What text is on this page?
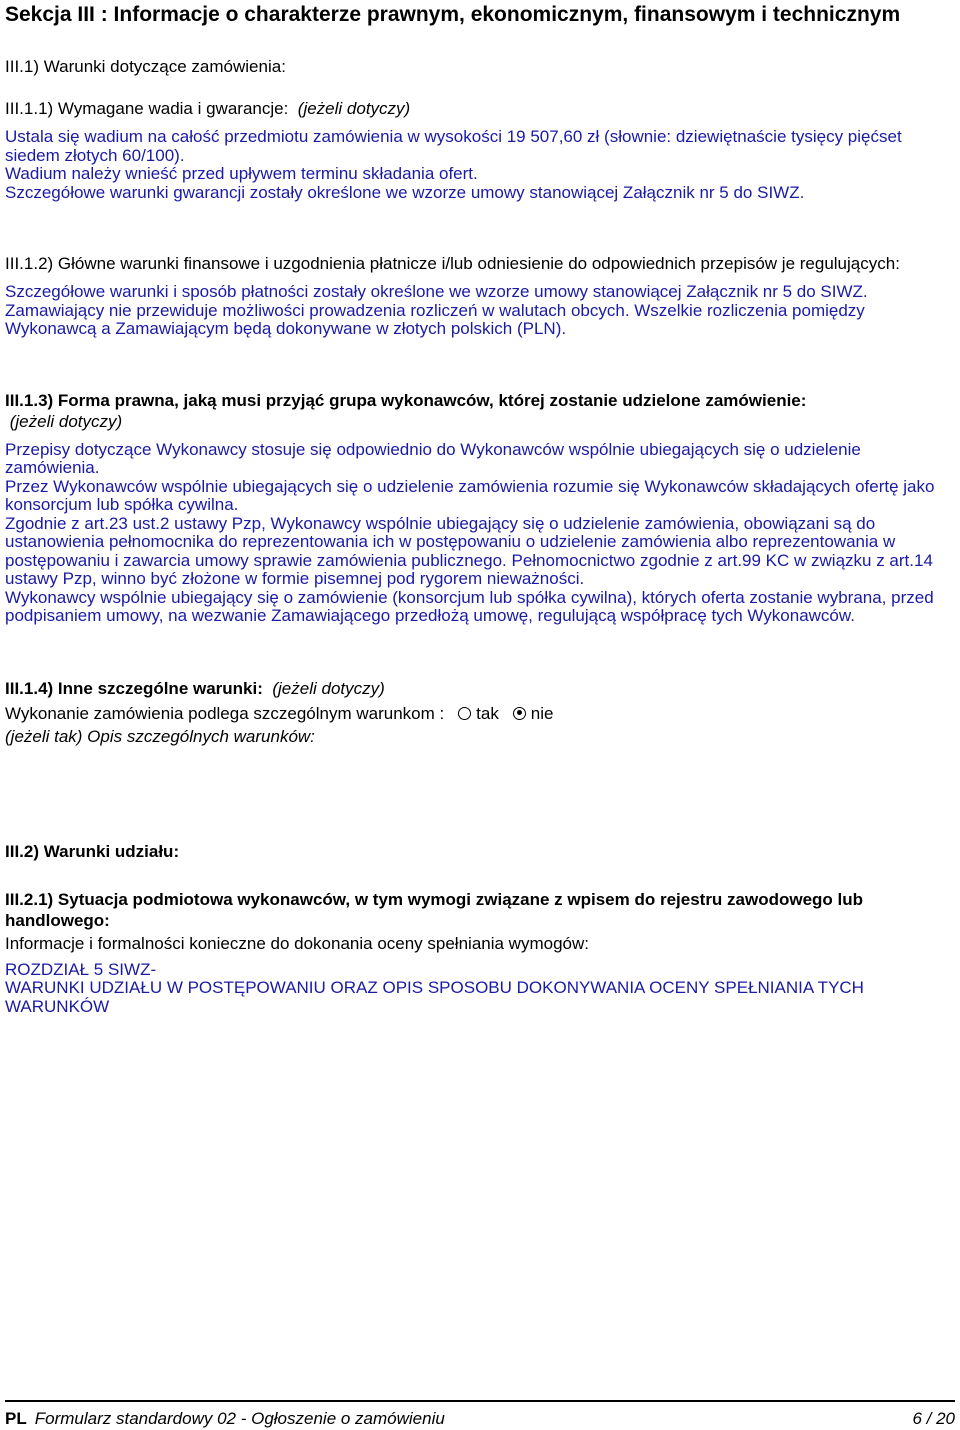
Sekcja III : Informacje o charakterze prawnym, ekonomicznym, finansowym i technicznym

III.1) Warunki dotyczące zamówienia:

III.1.1) Wymagane wadia i gwarancje: (jeżeli dotyczy)

Ustala się wadium na całość przedmiotu zamówienia w wysokości 19 507,60 zł (słownie: dziewiętnaście tysięcy pięćset siedem złotych 60/100).

Wadium należy wnieść przed upływem terminu składania ofert.

Szczegółowe warunki gwarancji zostały określone we wzorze umowy stanowiącej Załącznik nr 5 do SIWZ.

III.1.2) Główne warunki finansowe i uzgodnienia płatnicze i/lub odniesienie do odpowiednich przepisów je regulujących:

Szczegółowe warunki i sposób płatności zostały określone we wzorze umowy stanowiącej Załącznik nr 5 do SIWZ.

Zamawiający nie przewiduje możliwości prowadzenia rozliczeń w walutach obcych. Wszelkie rozliczenia pomiędzy Wykonawcą a Zamawiającym będą dokonywane w złotych polskich (PLN).

III.1.3) Forma prawna, jaką musi przyjąć grupa wykonawców, której zostanie udzielone zamówienie:
(jeżeli dotyczy)

Przepisy dotyczące Wykonawcy stosuje się odpowiednio do Wykonawców wspólnie ubiegających się o udzielenie zamówienia.

Przez Wykonawców wspólnie ubiegających się o udzielenie zamówienia rozumie się Wykonawców składających ofertę jako konsorcjum lub spółka cywilna.

Zgodnie z art.23 ust.2 ustawy Pzp, Wykonawcy wspólnie ubiegający się o udzielenie zamówienia, obowiązani są do ustanowienia pełnomocnika do reprezentowania ich w postępowaniu o udzielenie zamówienia albo reprezentowania w postępowaniu i zawarcia umowy sprawie zamówienia publicznego. Pełnomocnictwo zgodnie z art.99 KC w związku z art.14 ustawy Pzp, winno być złożone w formie pisemnej pod rygorem nieważności.

Wykonawcy wspólnie ubiegający się o zamówienie (konsorcjum lub spółka cywilna), których oferta zostanie wybrana, przed podpisaniem umowy, na wezwanie Zamawiającego przedłożą umowę, regulującą współpracę tych Wykonawców.

III.1.4) Inne szczególne warunki: (jeżeli dotyczy)

Wykonanie zamówienia podlega szczególnym warunkom : tak nie

(jeżeli tak) Opis szczególnych warunków:

III.2) Warunki udziału:

III.2.1) Sytuacja podmiotowa wykonawców, w tym wymogi związane z wpisem do rejestru zawodowego lub handlowego:

Informacje i formalności konieczne do dokonania oceny spełniania wymogów:

ROZDZIAŁ 5 SIWZ-

WARUNKI UDZIAŁU W POSTĘPOWANIU ORAZ OPIS SPOSOBU DOKONYWANIA OCENY SPEŁNIANIA TYCH WARUNKÓW

PL Formularz standardowy 02 - Ogłoszenie o zamówieniu	6 / 20
